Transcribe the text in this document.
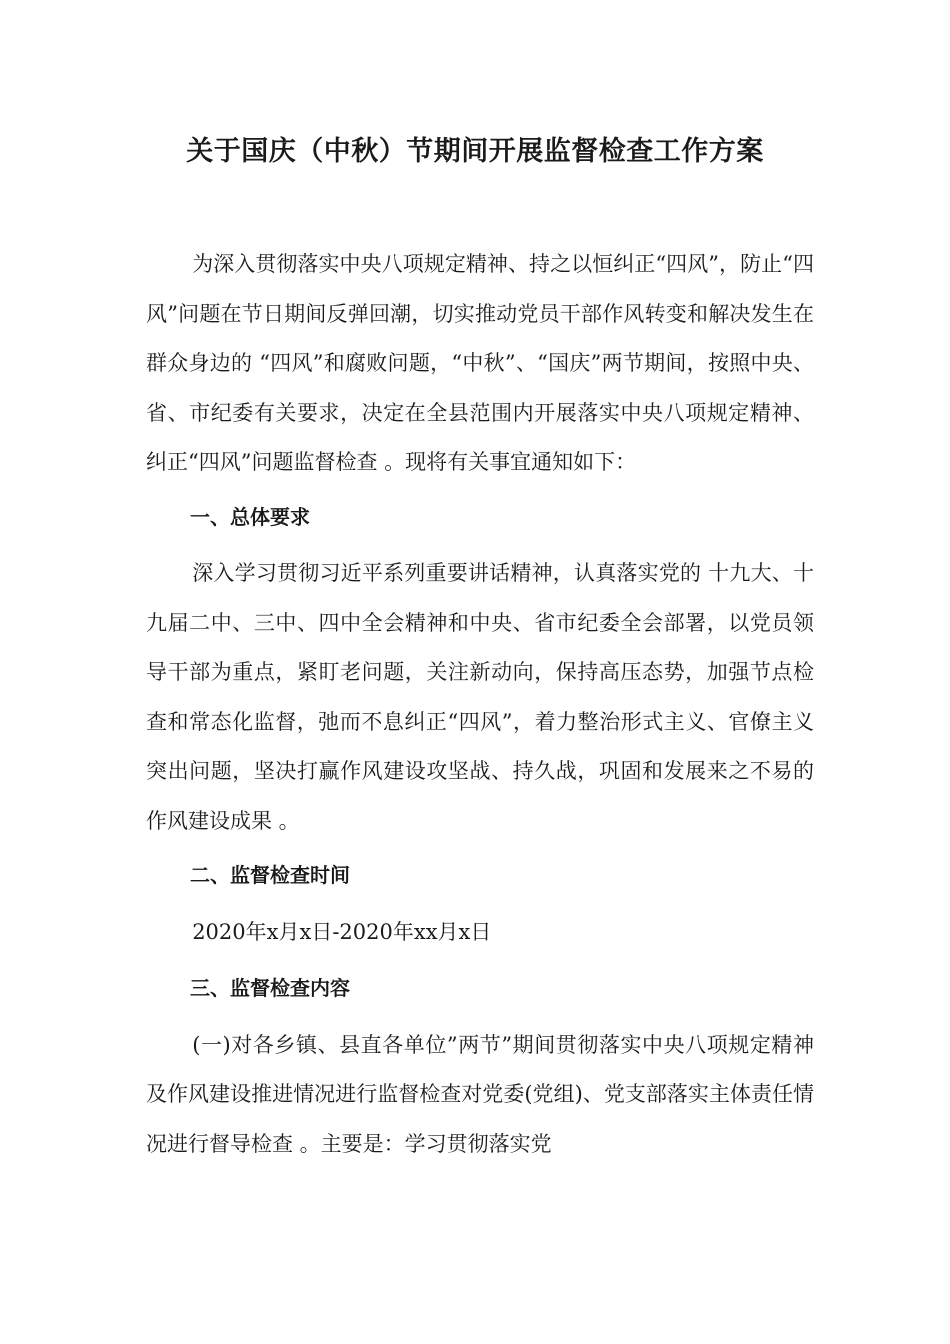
关于国庆（中秋）节期间开展监督检查工作方案

为深入贯彻落实中央八项规定精神、持之以恒纠正“四风”，防止“四风”问题在节日期间反弹回潮，切实推动党员干部作风转变和解决发生在群众身边的 “四风”和腐败问题，“中秋”、“国庆”两节期间，按照中央、省、市纪委有关要求，决定在全县范围内开展落实中央八项规定精神、纠正“四风”问题监督检查 。现将有关事宜通知如下：

一、总体要求

深入学习贯彻习近平系列重要讲话精神，认真落实党的 十九大、十九届二中、三中、四中全会精神和中央、省市纪委全会部署，以党员领导干部为重点，紧盯老问题，关注新动向，保持高压态势，加强节点检查和常态化监督，弛而不息纠正“四风”，着力整治形式主义、官僚主义突出问题，坚决打赢作风建设攻坚战、持久战，巩固和发展来之不易的 作风建设成果 。

二、监督检查时间

2020年x月x日-2020年xx月x日

三、监督检查内容

(一)对各乡镇、县直各单位”两节”期间贯彻落实中央八项规定精神及作风建设推进情况进行监督检查对党委(党组)、党支部落实主体责任情况进行督导检查 。主要是：学习贯彻落实党
